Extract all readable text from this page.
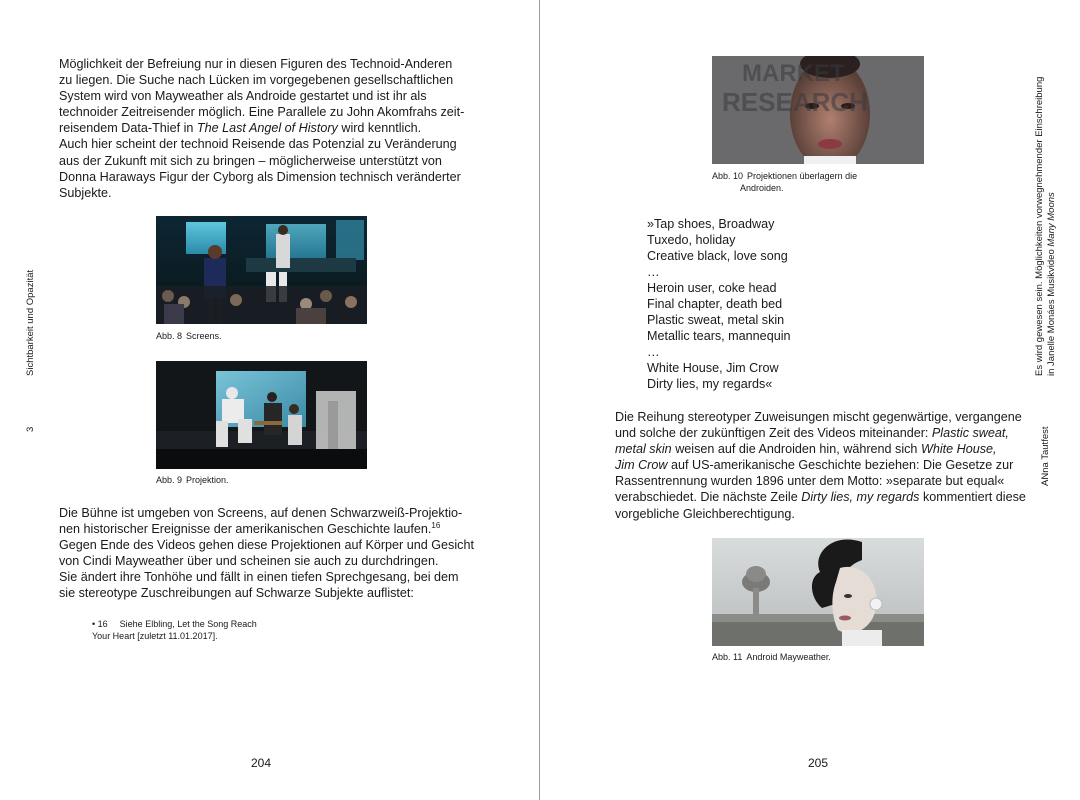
Sichtbarkeit und Opazität
3

Möglichkeit der Befreiung nur in diesen Figuren des Technoid-Anderen

zu liegen. Die Suche nach Lücken im vorgegebenen gesellschaftlichen

System wird von Mayweather als Androide gestartet und ist ihr als

technoider Zeitreisender möglich. Eine Parallele zu John Akomfrahs zeit-

reisendem Data-Thief in The Last Angel of History wird kenntlich.

Auch hier scheint der technoid Reisende das Potenzial zu Veränderung

aus der Zukunft mit sich zu bringen – möglicherweise unterstützt von

Donna Haraways Figur der Cyborg als Dimension technisch veränderter

Subjekte.

Abb. 8 Screens.
Abb. 9 Projektion.

Die Bühne ist umgeben von Screens, auf denen Schwarzweiß-Projektio-

nen historischer Ereignisse der amerikanischen Geschichte laufen.$^{16}$

Gegen Ende des Videos gehen diese Projektionen auf Körper und Gesicht

von Cindi Mayweather über und scheinen sie auch zu durchdringen.

Sie ändert ihre Tonhöhe und fällt in einen tiefen Sprechgesang, bei dem

sie stereotype Zuschreibungen auf Schwarze Subjekte auflistet:

• 16 Siehe Elbling, Let the Song Reach
Your Heart [zuletzt 11.01.2017].
204
MARKET
RESEARCH
Abb. 10 Projektionen überlagern die
Androiden.
»Tap shoes, Broadway
Tuxedo, holiday
Creative black, love song
…
Heroin user, coke head
Final chapter, death bed
Plastic sweat, metal skin
Metallic tears, mannequin
…
White House, Jim Crow
Dirty lies, my regards«

Die Reihung stereotyper Zuweisungen mischt gegenwärtige, vergangene

und solche der zukünftigen Zeit des Videos miteinander: Plastic sweat,

metal skin weisen auf die Androiden hin, während sich White House,

Jim Crow auf US-amerikanische Geschichte beziehen: Die Gesetze zur

Rassentrennung wurden 1896 unter dem Motto: »separate but equal«

verabschiedet. Die nächste Zeile Dirty lies, my regards kommentiert diese

vorgebliche Gleichberechtigung.

Abb. 11 Android Mayweather.
205
Es wird gewesen sein. Möglichkeiten vorwegnehmender Einschreibung in Janelle Monáes Musikvideo Many Moons
ANna Tautfest
